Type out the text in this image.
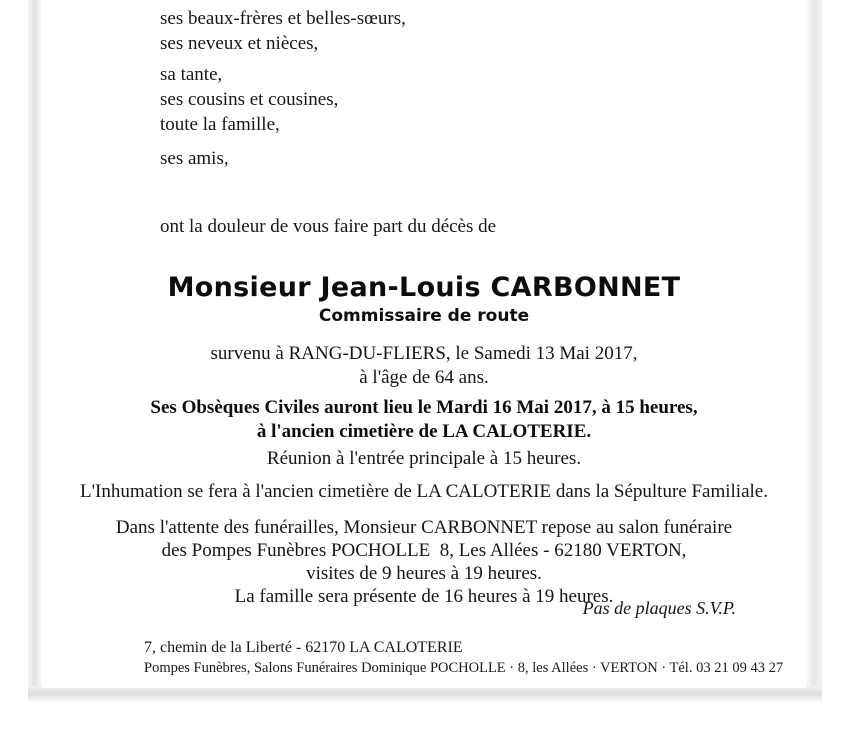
ses beaux-frères et belles-sœurs,
ses neveux et nièces,
sa tante,
ses cousins et cousines,
toute la famille,
ses amis,
ont la douleur de vous faire part du décès de
Monsieur Jean-Louis CARBONNET
Commissaire de route
survenu à RANG-DU-FLIERS, le Samedi 13 Mai 2017,
à l'âge de 64 ans.
Ses Obsèques Civiles auront lieu le Mardi 16 Mai 2017, à 15 heures,
à l'ancien cimetière de LA CALOTERIE.
Réunion à l'entrée principale à 15 heures.
L'Inhumation se fera à l'ancien cimetière de LA CALOTERIE dans la Sépulture Familiale.
Dans l'attente des funérailles, Monsieur CARBONNET repose au salon funéraire
des Pompes Funèbres POCHOLLE  8, Les Allées - 62180 VERTON,
visites de 9 heures à 19 heures.
La famille sera présente de 16 heures à 19 heures.
Pas de plaques S.V.P.
7, chemin de la Liberté - 62170 LA CALOTERIE
Pompes Funèbres, Salons Funéraires Dominique POCHOLLE · 8, les Allées · VERTON · Tél. 03 21 09 43 27
